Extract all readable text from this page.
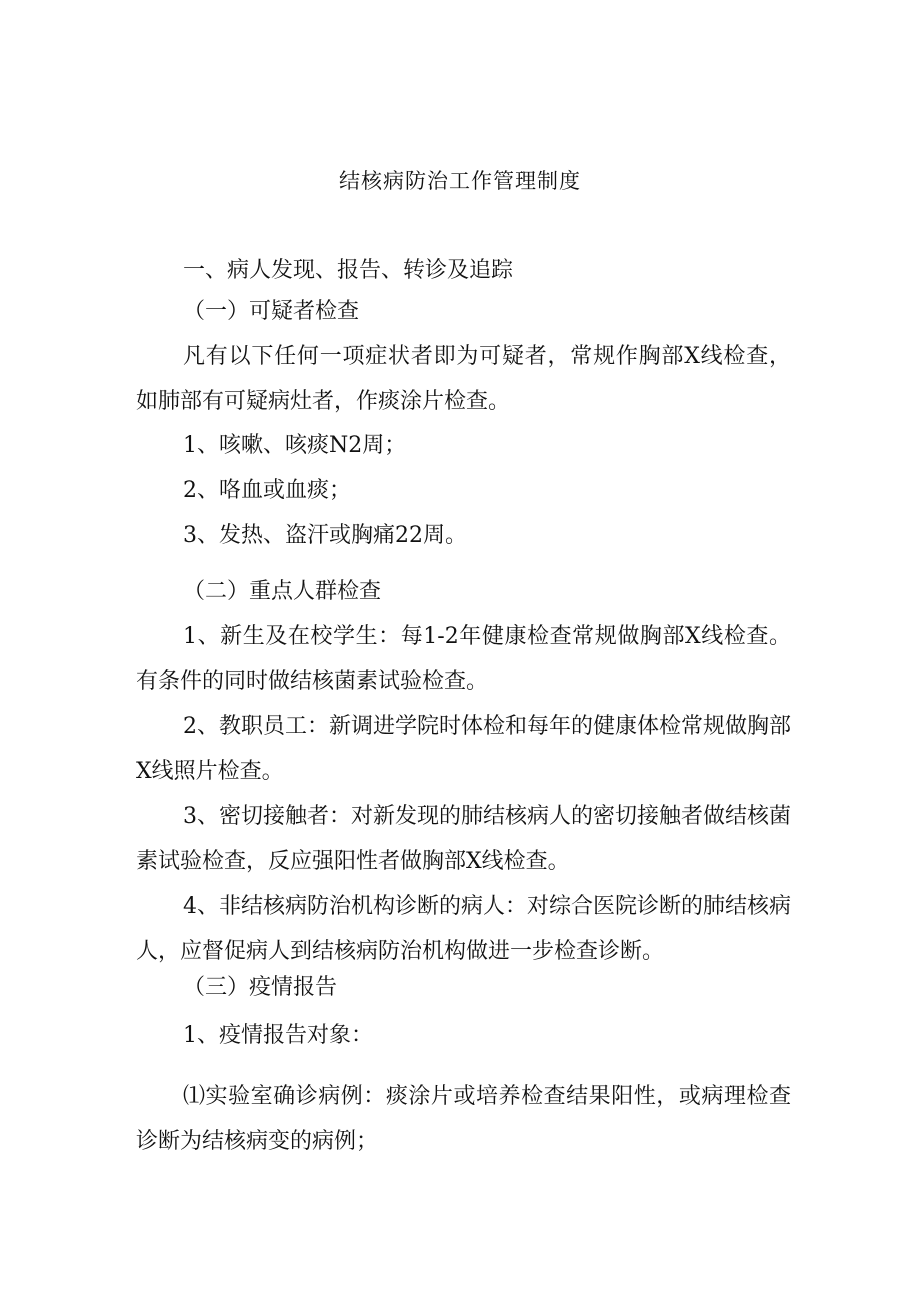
结核病防治工作管理制度
一、病人发现、报告、转诊及追踪
（一）可疑者检查
凡有以下任何一项症状者即为可疑者，常规作胸部X线检查，如肺部有可疑病灶者，作痰涂片检查。
1、咳嗽、咳痰N2周；
2、咯血或血痰；
3、发热、盗汗或胸痛22周。
（二）重点人群检查
1、新生及在校学生：每1-2年健康检查常规做胸部X线检查。有条件的同时做结核菌素试验检查。
2、教职员工：新调进学院时体检和每年的健康体检常规做胸部X线照片检查。
3、密切接触者：对新发现的肺结核病人的密切接触者做结核菌素试验检查，反应强阳性者做胸部X线检查。
4、非结核病防治机构诊断的病人：对综合医院诊断的肺结核病人，应督促病人到结核病防治机构做进一步检查诊断。
（三）疫情报告
1、疫情报告对象：
⑴实验室确诊病例：痰涂片或培养检查结果阳性，或病理检查诊断为结核病变的病例；
